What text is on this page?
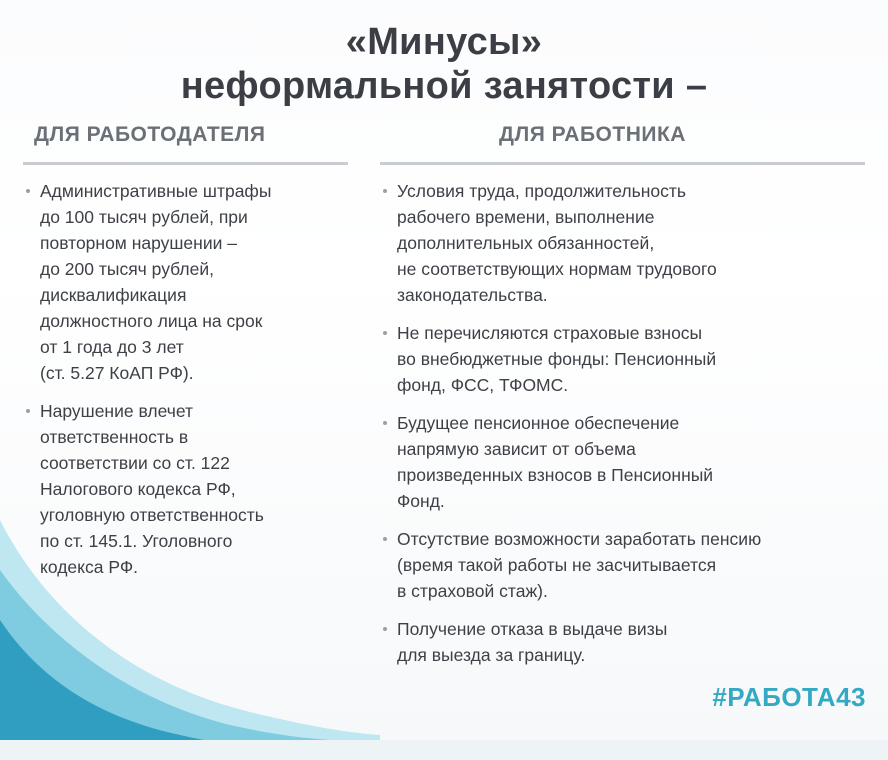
«Минусы»
неформальной занятости –
ДЛЯ РАБОТОДАТЕЛЯ	ДЛЯ РАБОТНИКА
Административные штрафы
до 100 тысяч рублей, при
повторном нарушении –
до 200 тысяч рублей,
дисквалификация
должностного лица на срок
от 1 года до 3 лет
(ст. 5.27 КоАП РФ).
Нарушение влечет
ответственность в
соответствии со ст. 122
Налогового кодекса РФ,
уголовную ответственность
по ст. 145.1. Уголовного
кодекса РФ.
Условия труда, продолжительность
рабочего времени, выполнение
дополнительных обязанностей,
не соответствующих нормам трудового
законодательства.
Не перечисляются страховые взносы
во внебюджетные фонды: Пенсионный
фонд, ФСС, ТФОМС.
Будущее пенсионное обеспечение
напрямую зависит от объема
произведенных взносов в Пенсионный
Фонд.
Отсутствие возможности заработать пенсию
(время такой работы не засчитывается
в страховой стаж).
Получение отказа в выдаче визы
для выезда за границу.
#РАБОТА43
